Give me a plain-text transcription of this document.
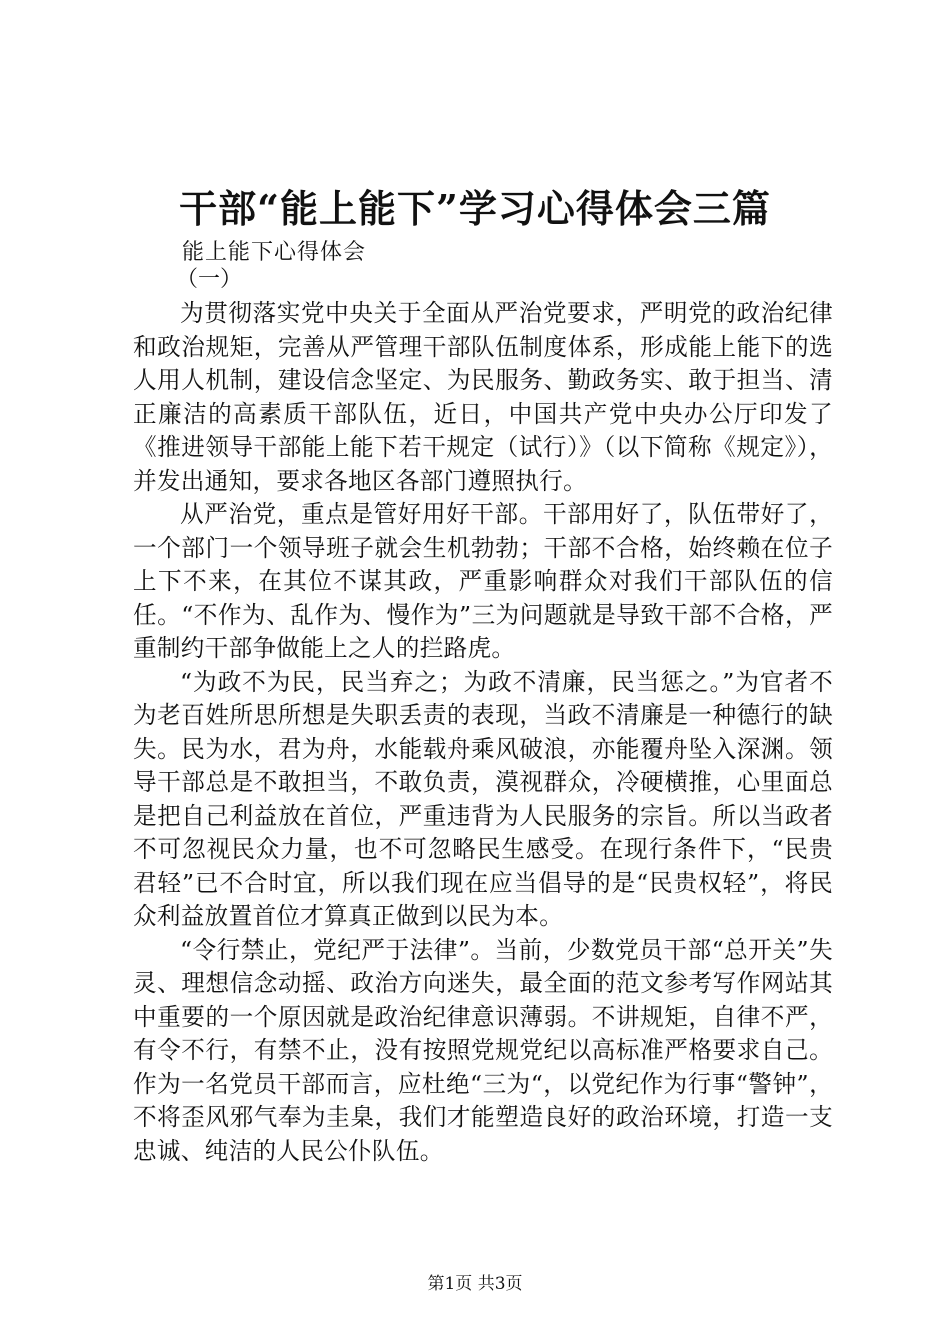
干部“能上能下”学习心得体会三篇
能上能下心得体会
（一）

为贯彻落实党中央关于全面从严治党要求，严明党的政治纪律和政治规矩，完善从严管理干部队伍制度体系，形成能上能下的选人用人机制，建设信念坚定、为民服务、勤政务实、敢于担当、清正廉洁的高素质干部队伍，近日，中国共产党中央办公厅印发了《推进领导干部能上能下若干规定（试行）》（以下简称《规定》），并发出通知，要求各地区各部门遵照执行。

从严治党，重点是管好用好干部。干部用好了，队伍带好了，一个部门一个领导班子就会生机勃勃；干部不合格，始终赖在位子上下不来，在其位不谋其政，严重影响群众对我们干部队伍的信任。“不作为、乱作为、慢作为”三为问题就是导致干部不合格，严重制约干部争做能上之人的拦路虎。

“为政不为民，民当弃之；为政不清廉，民当惩之。”为官者不为老百姓所思所想是失职丢责的表现，当政不清廉是一种德行的缺失。民为水，君为舟，水能载舟乘风破浪，亦能覆舟坠入深渊。领导干部总是不敢担当，不敢负责，漠视群众，冷硬横推，心里面总是把自己利益放在首位，严重违背为人民服务的宗旨。所以当政者不可忽视民众力量，也不可忽略民生感受。在现行条件下，“民贵君轻”已不合时宜，所以我们现在应当倡导的是“民贵权轻”，将民众利益放置首位才算真正做到以民为本。

“令行禁止，党纪严于法律”。当前，少数党员干部“总开关”失灵、理想信念动摇、政治方向迷失，最全面的范文参考写作网站其中重要的一个原因就是政治纪律意识薄弱。不讲规矩，自律不严，有令不行，有禁不止，没有按照党规党纪以高标准严格要求自己。作为一名党员干部而言，应杜绝“三为“，以党纪作为行事“警钟”，不将歪风邪气奉为圭臬，我们才能塑造良好的政治环境，打造一支忠诚、纯洁的人民公仆队伍。

第1页 共3页
